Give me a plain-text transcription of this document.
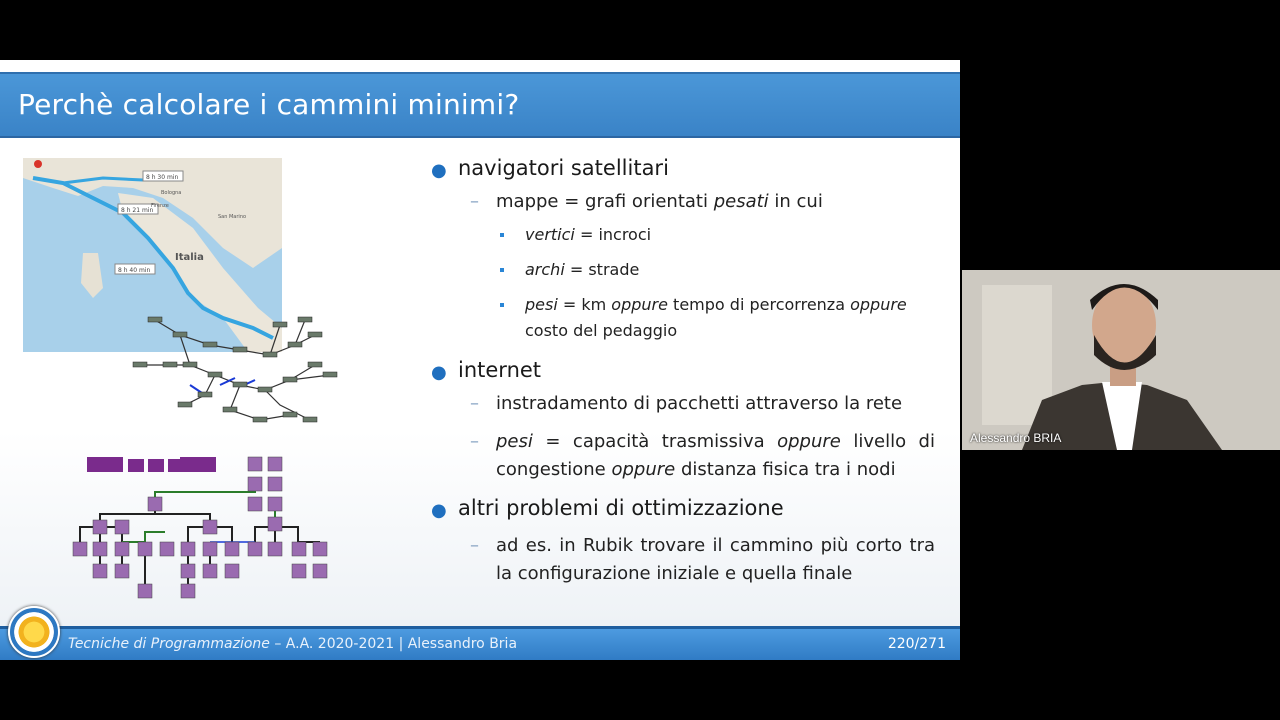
Perchè calcolare i cammini minimi?
8 h 30 min
8 h 21 min
8 h 40 min
Italia
Bologna
Firenze
San Marino
● navigatori satellitari
– mappe = grafi orientati pesati in cui
vertici = incroci
archi = strade
pesi = km oppure tempo di percorrenza oppure costo del pedaggio
● internet
– instradamento di pacchetti attraverso la rete
– pesi = capacità trasmissiva oppure livello di congestione oppure distanza fisica tra i nodi
● altri problemi di ottimizzazione
– ad es. in Rubik trovare il cammino più corto tra la configurazione iniziale e quella finale
Tecniche di Programmazione – A.A. 2020-2021 | Alessandro Bria	220/271
Alessandro BRIA
